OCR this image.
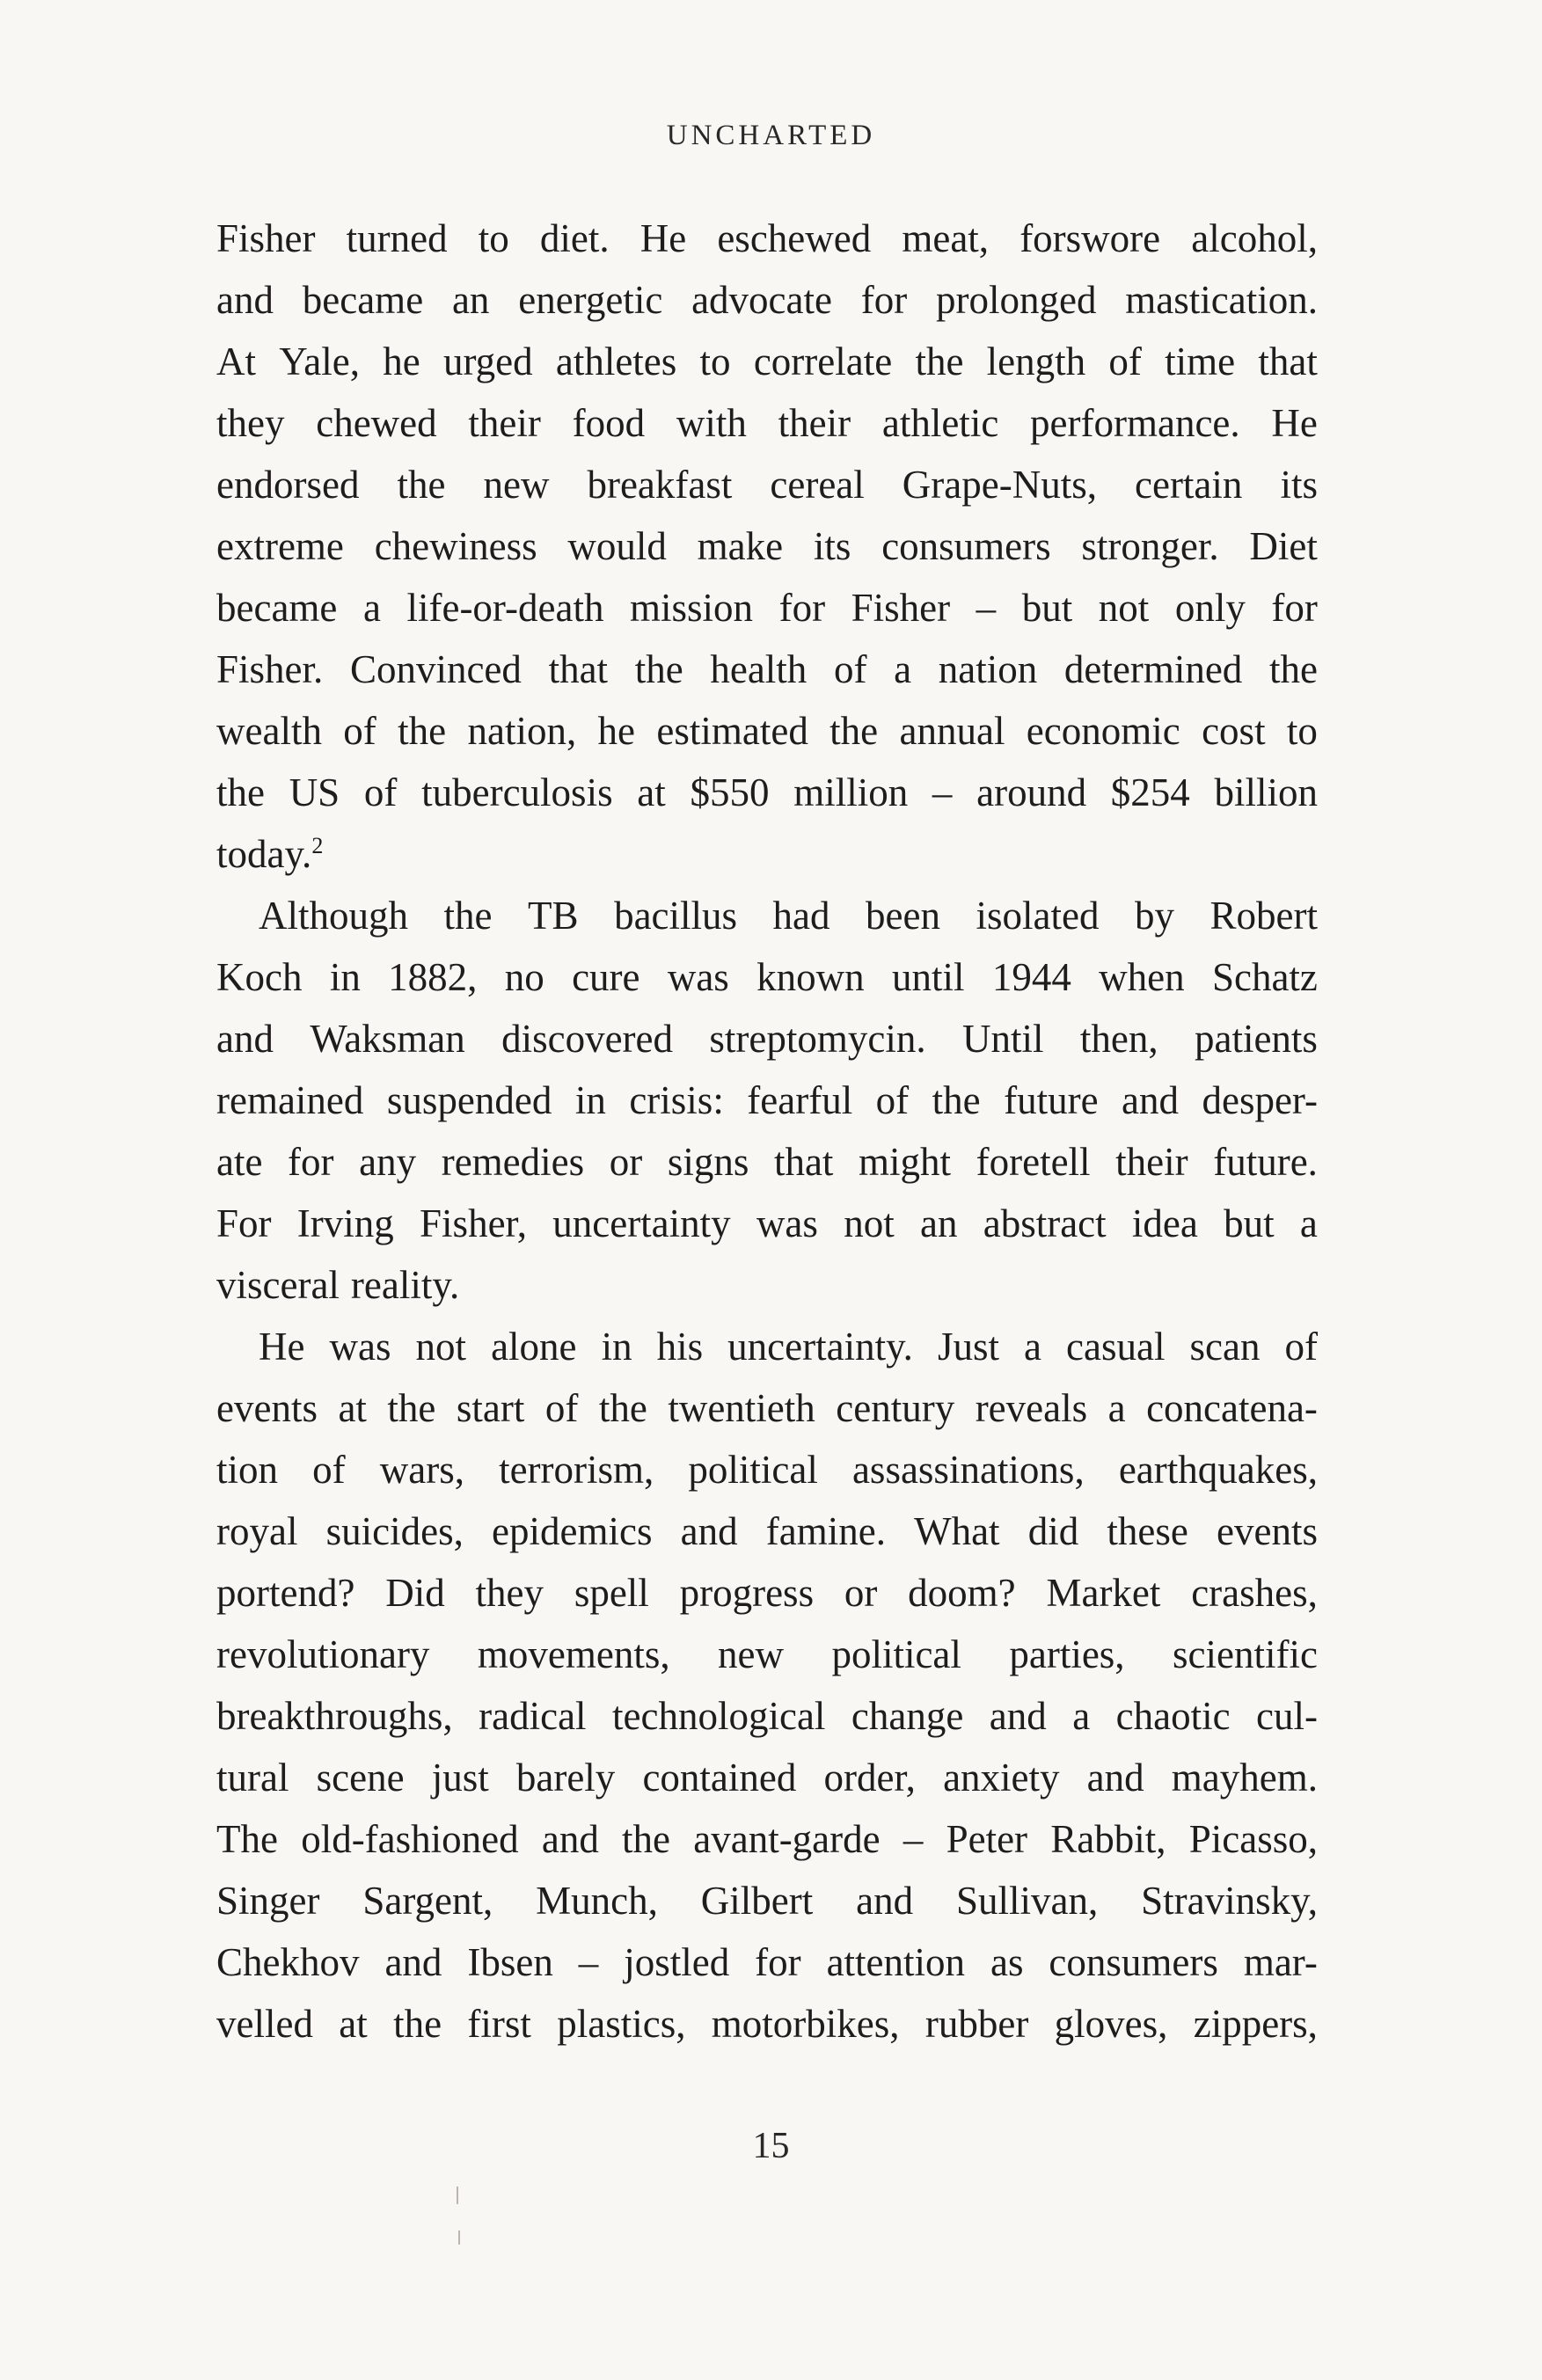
UNCHARTED
Fisher turned to diet. He eschewed meat, forswore alcohol,
and became an energetic advocate for prolonged mastication.
At Yale, he urged athletes to correlate the length of time that
they chewed their food with their athletic performance. He
endorsed the new breakfast cereal Grape-Nuts, certain its
extreme chewiness would make its consumers stronger. Diet
became a life-or-death mission for Fisher – but not only for
Fisher. Convinced that the health of a nation determined the
wealth of the nation, he estimated the annual economic cost to
the US of tuberculosis at $550 million – around $254 billion
today.$^2$
Although the TB bacillus had been isolated by Robert
Koch in 1882, no cure was known until 1944 when Schatz
and Waksman discovered streptomycin. Until then, patients
remained suspended in crisis: fearful of the future and desper-
ate for any remedies or signs that might foretell their future.
For Irving Fisher, uncertainty was not an abstract idea but a
visceral reality.
He was not alone in his uncertainty. Just a casual scan of
events at the start of the twentieth century reveals a concatena-
tion of wars, terrorism, political assassinations, earthquakes,
royal suicides, epidemics and famine. What did these events
portend? Did they spell progress or doom? Market crashes,
revolutionary movements, new political parties, scientific
breakthroughs, radical technological change and a chaotic cul-
tural scene just barely contained order, anxiety and mayhem.
The old-fashioned and the avant-garde – Peter Rabbit, Picasso,
Singer Sargent, Munch, Gilbert and Sullivan, Stravinsky,
Chekhov and Ibsen – jostled for attention as consumers mar-
velled at the first plastics, motorbikes, rubber gloves, zippers,
15
